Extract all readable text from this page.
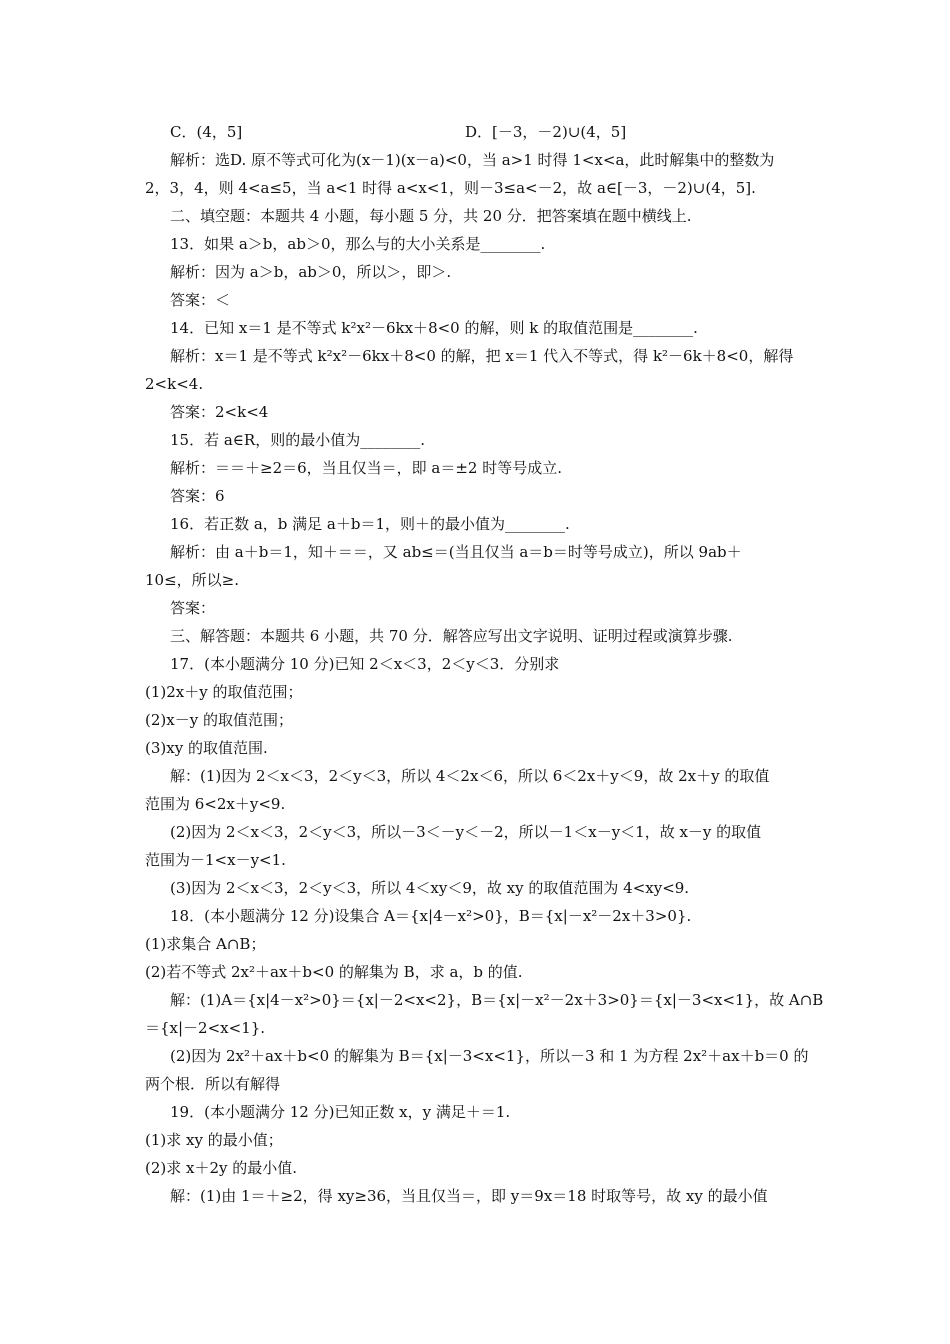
C．(4，5]	D．[－3，－2)∪(4，5]
解析：选D. 原不等式可化为(x－1)(x－a)<0，当 a>1 时得 1<x<a，此时解集中的整数为
2，3，4，则 4<a≤5，当 a<1 时得 a<x<1，则－3≤a<－2，故 a∈[－3，－2)∪(4，5].
二、填空题：本题共 4 小题，每小题 5 分，共 20 分．把答案填在题中横线上.
13．如果 a＞b，ab＞0，那么与的大小关系是________.
解析：因为 a＞b，ab＞0，所以＞，即＞.
答案：＜
14．已知 x＝1 是不等式 k²x²－6kx＋8<0 的解，则 k 的取值范围是________.
解析：x＝1 是不等式 k²x²－6kx＋8<0 的解，把 x＝1 代入不等式，得 k²－6k＋8<0，解得
2<k<4.
答案：2<k<4
15．若 a∈R，则的最小值为________.
解析：＝＝＋≥2＝6，当且仅当＝，即 a＝±2 时等号成立.
答案：6
16．若正数 a，b 满足 a＋b＝1，则＋的最小值为________.
解析：由 a＋b＝1，知＋＝＝，又 ab≤＝(当且仅当 a＝b＝时等号成立)，所以 9ab＋
10≤，所以≥.
答案：
三、解答题：本题共 6 小题，共 70 分．解答应写出文字说明、证明过程或演算步骤.
17．(本小题满分 10 分)已知 2＜x＜3，2＜y＜3．分别求
(1)2x＋y 的取值范围；
(2)x－y 的取值范围；
(3)xy 的取值范围.
解：(1)因为 2＜x＜3，2＜y＜3，所以 4＜2x＜6，所以 6＜2x＋y＜9，故 2x＋y 的取值
范围为 6<2x＋y<9.
(2)因为 2＜x＜3，2＜y＜3，所以－3＜－y＜－2，所以－1＜x－y＜1，故 x－y 的取值
范围为－1<x－y<1.
(3)因为 2＜x＜3，2＜y＜3，所以 4＜xy＜9，故 xy 的取值范围为 4<xy<9.
18．(本小题满分 12 分)设集合 A＝{x|4－x²>0}，B＝{x|－x²－2x＋3>0}.
(1)求集合 A∩B；
(2)若不等式 2x²＋ax＋b<0 的解集为 B，求 a，b 的值.
解：(1)A＝{x|4－x²>0}＝{x|－2<x<2}，B＝{x|－x²－2x＋3>0}＝{x|－3<x<1}，故 A∩B
＝{x|－2<x<1}.
(2)因为 2x²＋ax＋b<0 的解集为 B＝{x|－3<x<1}，所以－3 和 1 为方程 2x²＋ax＋b＝0 的
两个根．所以有解得
19．(本小题满分 12 分)已知正数 x，y 满足＋＝1.
(1)求 xy 的最小值；
(2)求 x＋2y 的最小值.
解：(1)由 1＝＋≥2，得 xy≥36，当且仅当＝，即 y＝9x＝18 时取等号，故 xy 的最小值
